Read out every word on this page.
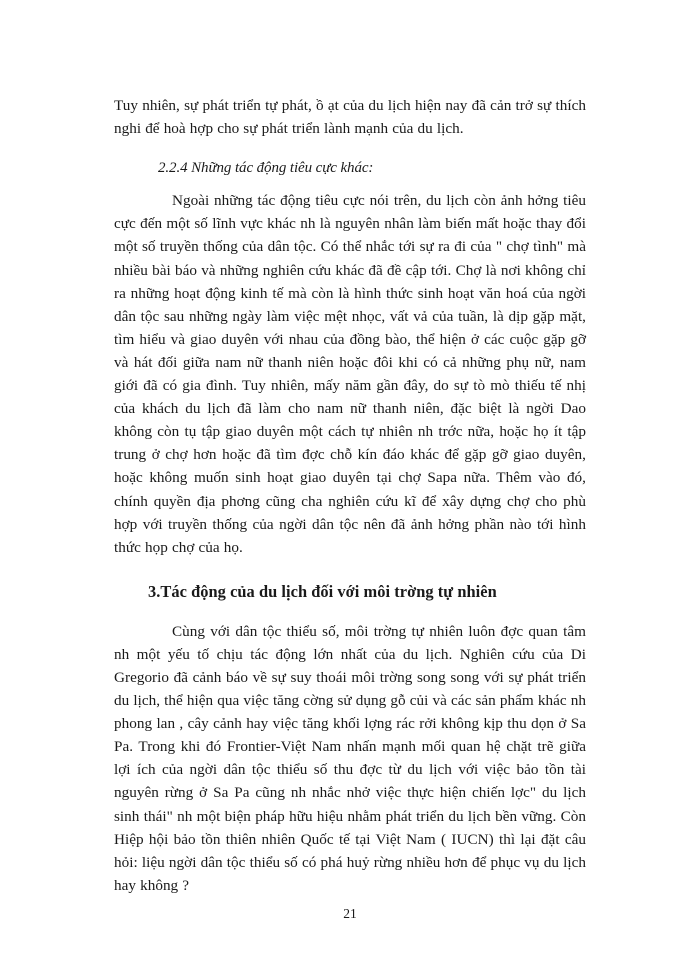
Tuy nhiên, sự phát triển tự phát, ồ ạt của du lịch hiện nay đã cản trở sự thích nghi để hoà hợp cho sự phát triển lành mạnh của du lịch.

2.2.4 Những tác động tiêu cực khác:

Ngoài những tác động tiêu cực nói trên, du lịch còn ảnh hởng tiêu cực đến một số lĩnh vực khác nh là nguyên nhân làm biến mất hoặc thay đổi một số truyền thống của dân tộc. Có thể nhắc tới sự ra đi của " chợ tình" mà nhiều bài báo và những nghiên cứu khác đã đề cập tới. Chợ là nơi không chỉ ra những hoạt động kinh tế mà còn là hình thức sinh hoạt văn hoá của ngời dân tộc sau những ngày làm việc mệt nhọc, vất vả của tuần, là dịp gặp mặt, tìm hiểu và giao duyên với nhau của đồng bào, thể hiện ở các cuộc gặp gỡ và hát đối giữa nam nữ thanh niên hoặc đôi khi có cả những phụ nữ, nam giới đã có gia đình. Tuy nhiên, mấy năm gần đây, do sự tò mò thiếu tế nhị của khách du lịch đã làm cho nam nữ thanh niên, đặc biệt là ngời Dao không còn tụ tập giao duyên một cách tự nhiên nh trớc nữa, hoặc họ ít tập trung ở chợ hơn hoặc đã tìm đợc chỗ kín đáo khác để gặp gỡ giao duyên, hoặc không muốn sinh hoạt giao duyên tại chợ Sapa nữa. Thêm vào đó, chính quyền địa phơng cũng cha nghiên cứu kĩ để xây dựng chợ cho phù hợp với truyền thống của ngời dân tộc nên đã ảnh hởng phần nào tới hình thức họp chợ của họ.

3.Tác động của du lịch đối với môi trờng tự nhiên

Cùng với dân tộc thiểu số, môi trờng tự nhiên luôn đợc quan tâm nh một yếu tố chịu tác động lớn nhất của du lịch. Nghiên cứu của Di Gregorio đã cảnh báo về sự suy thoái môi trờng song song với sự phát triển du lịch, thể hiện qua việc tăng cờng sử dụng gỗ củi và các sản phẩm khác nh phong lan , cây cảnh hay việc tăng khối lợng rác rởi không kịp thu dọn ở Sa Pa. Trong khi đó Frontier-Việt Nam nhấn mạnh mối quan hệ chặt trẽ giữa lợi ích của ngời dân tộc thiểu số thu đợc từ du lịch với việc bảo tồn tài nguyên rừng ở Sa Pa cũng nh nhắc nhở việc thực hiện chiến lợc" du lịch sinh thái" nh một biện pháp hữu hiệu nhằm phát triển du lịch bền vững. Còn Hiệp hội bảo tồn thiên nhiên Quốc tế tại Việt Nam ( IUCN) thì lại đặt câu hỏi: liệu ngời dân tộc thiểu số có phá huỷ rừng nhiều hơn để phục vụ du lịch hay không ?

21
